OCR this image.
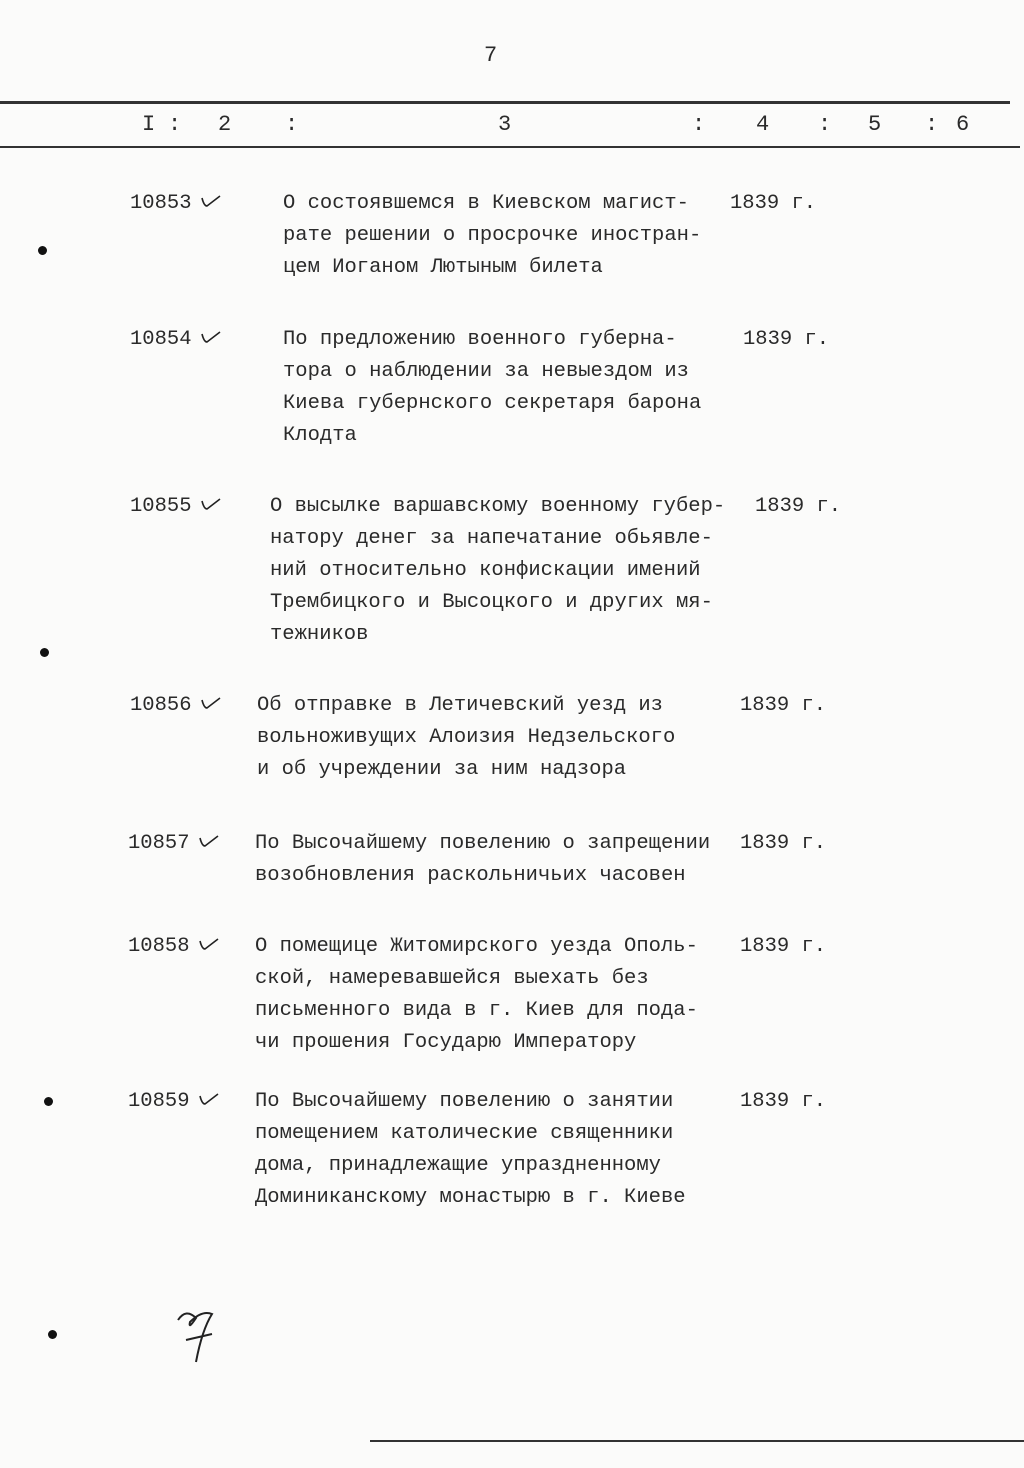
7
I : 2 :	3	: 4 : 5 : 6
10853	О состоявшемся в Киевском магист-
рате решении о просрочке иностран-
цем Иоганом Лютыным билета
1839 г.
10854	По предложению военного губерна-
тора о наблюдении за невыездом из
Киева губернского секретаря барона
Клодта
1839 г.
10855	О высылке варшавскому военному губер-
натору денег за напечатание обьявле-
ний относительно конфискации имений
Трембицкого и Высоцкого и других мя-
тежников
1839 г.
10856	Об отправке в Летичевский уезд из
вольноживущих Алоизия Недзельского
и об учреждении за ним надзора
1839 г.
10857	По Высочайшему повелению о запрещении
возобновления раскольничьих часовен
1839 г.
10858	О помещице Житомирского уезда Ополь-
ской, намеревавшейся выехать без
письменного вида в г. Киев для пода-
чи прошения Государю Императору
1839 г.
10859	По Высочайшему повелению о занятии
помещением католические священники
дома, принадлежащие упраздненному
Доминиканскому монастырю в г. Киеве
1839 г.
